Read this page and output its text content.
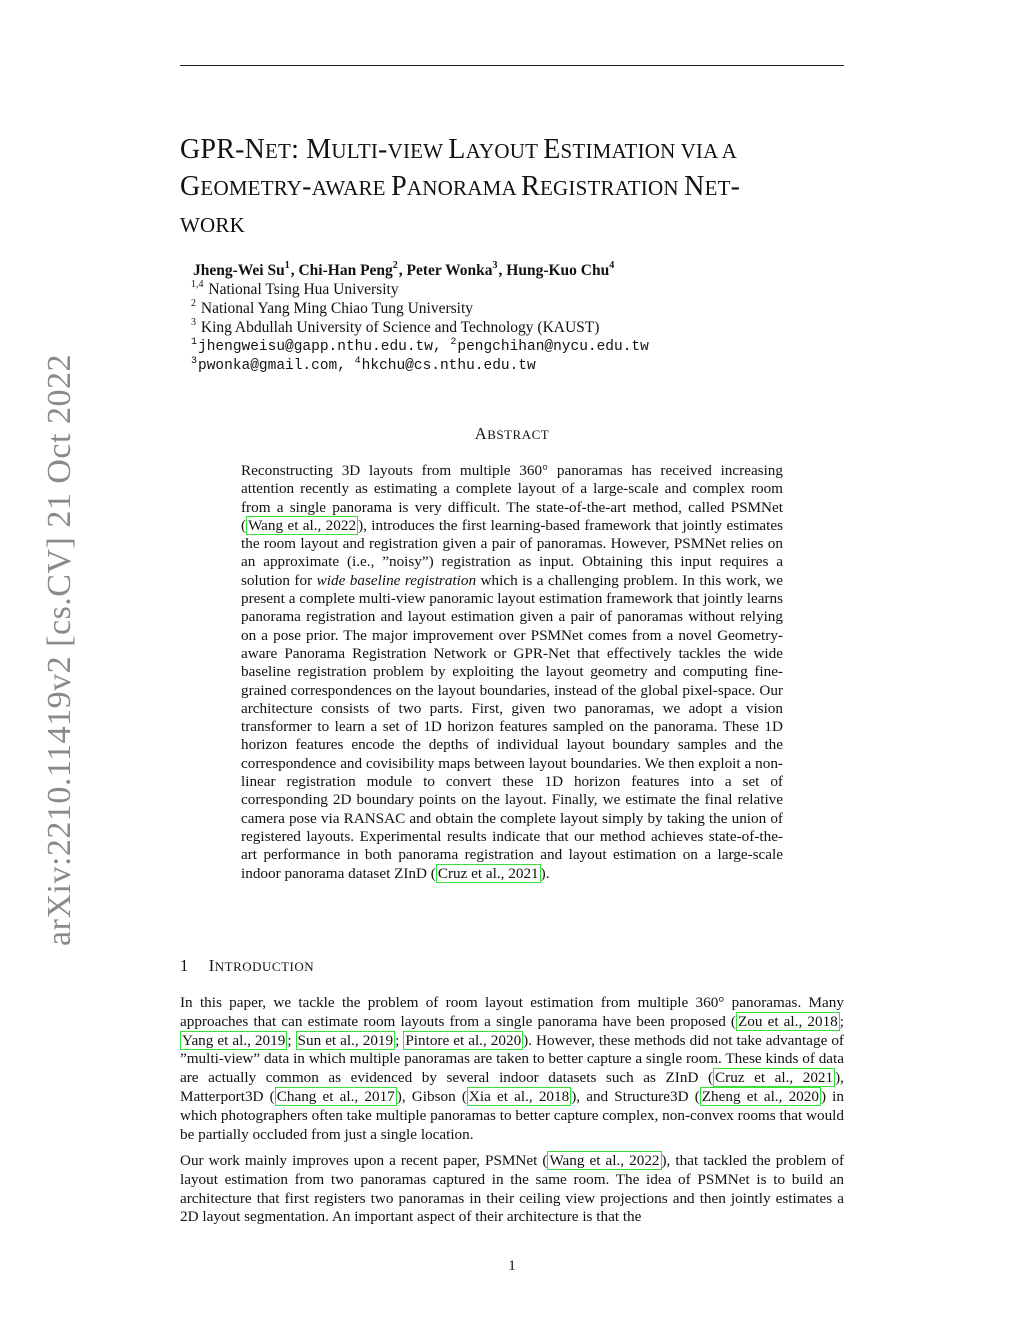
arXiv:2210.11419v2 [cs.CV] 21 Oct 2022
GPR-NET: MULTI-VIEW LAYOUT ESTIMATION VIA A
GEOMETRY-AWARE PANORAMA REGISTRATION NET-
WORK
Jheng-Wei Su$^1$, Chi-Han Peng$^2$, Peter Wonka$^3$, Hung-Kuo Chu$^4$
$^{1,4}$ National Tsing Hua University
$^2$ National Yang Ming Chiao Tung University
$^3$ King Abdullah University of Science and Technology (KAUST)
$^1$jhengweisu@gapp.nthu.edu.tw, $^2$pengchihan@nycu.edu.tw
$^3$pwonka@gmail.com, $^4$hkchu@cs.nthu.edu.tw
ABSTRACT
Reconstructing 3D layouts from multiple 360° panoramas has received increasing attention recently as estimating a complete layout of a large-scale and complex room from a single panorama is very difficult. The state-of-the-art method, called PSMNet ( Wang et al., 2022 ), introduces the first learning-based framework that jointly estimates the room layout and registration given a pair of panoramas. However, PSMNet relies on an approximate (i.e., ”noisy”) registration as input. Obtaining this input requires a solution for wide baseline registration which is a challenging problem. In this work, we present a complete multi-view panoramic layout estimation framework that jointly learns panorama registration and layout estimation given a pair of panoramas without relying on a pose prior. The major improvement over PSMNet comes from a novel Geometry-aware Panorama Registration Network or GPR-Net that effectively tackles the wide baseline registration problem by exploiting the layout geometry and computing fine-grained correspondences on the layout boundaries, instead of the global pixel-space. Our architecture consists of two parts. First, given two panoramas, we adopt a vision transformer to learn a set of 1D horizon features sampled on the panorama. These 1D horizon features encode the depths of individual layout boundary samples and the correspondence and covisibility maps between layout boundaries. We then exploit a non-linear registration module to convert these 1D horizon features into a set of corresponding 2D boundary points on the layout. Finally, we estimate the final relative camera pose via RANSAC and obtain the complete layout simply by taking the union of registered layouts. Experimental results indicate that our method achieves state-of-the-art performance in both panorama registration and layout estimation on a large-scale indoor panorama dataset ZInD ( Cruz et al., 2021 ).
1 INTRODUCTION
In this paper, we tackle the problem of room layout estimation from multiple 360° panoramas. Many approaches that can estimate room layouts from a single panorama have been proposed ( Zou et al., 2018 ; Yang et al., 2019 ; Sun et al., 2019 ; Pintore et al., 2020 ). However, these methods did not take advantage of ”multi-view” data in which multiple panoramas are taken to better capture a single room. These kinds of data are actually common as evidenced by several indoor datasets such as ZInD ( Cruz et al., 2021 ), Matterport3D ( Chang et al., 2017 ), Gibson ( Xia et al., 2018 ), and Structure3D ( Zheng et al., 2020 ) in which photographers often take multiple panoramas to better capture complex, non-convex rooms that would be partially occluded from just a single location.
Our work mainly improves upon a recent paper, PSMNet ( Wang et al., 2022 ), that tackled the problem of layout estimation from two panoramas captured in the same room. The idea of PSMNet is to build an architecture that first registers two panoramas in their ceiling view projections and then jointly estimates a 2D layout segmentation. An important aspect of their architecture is that the
1
